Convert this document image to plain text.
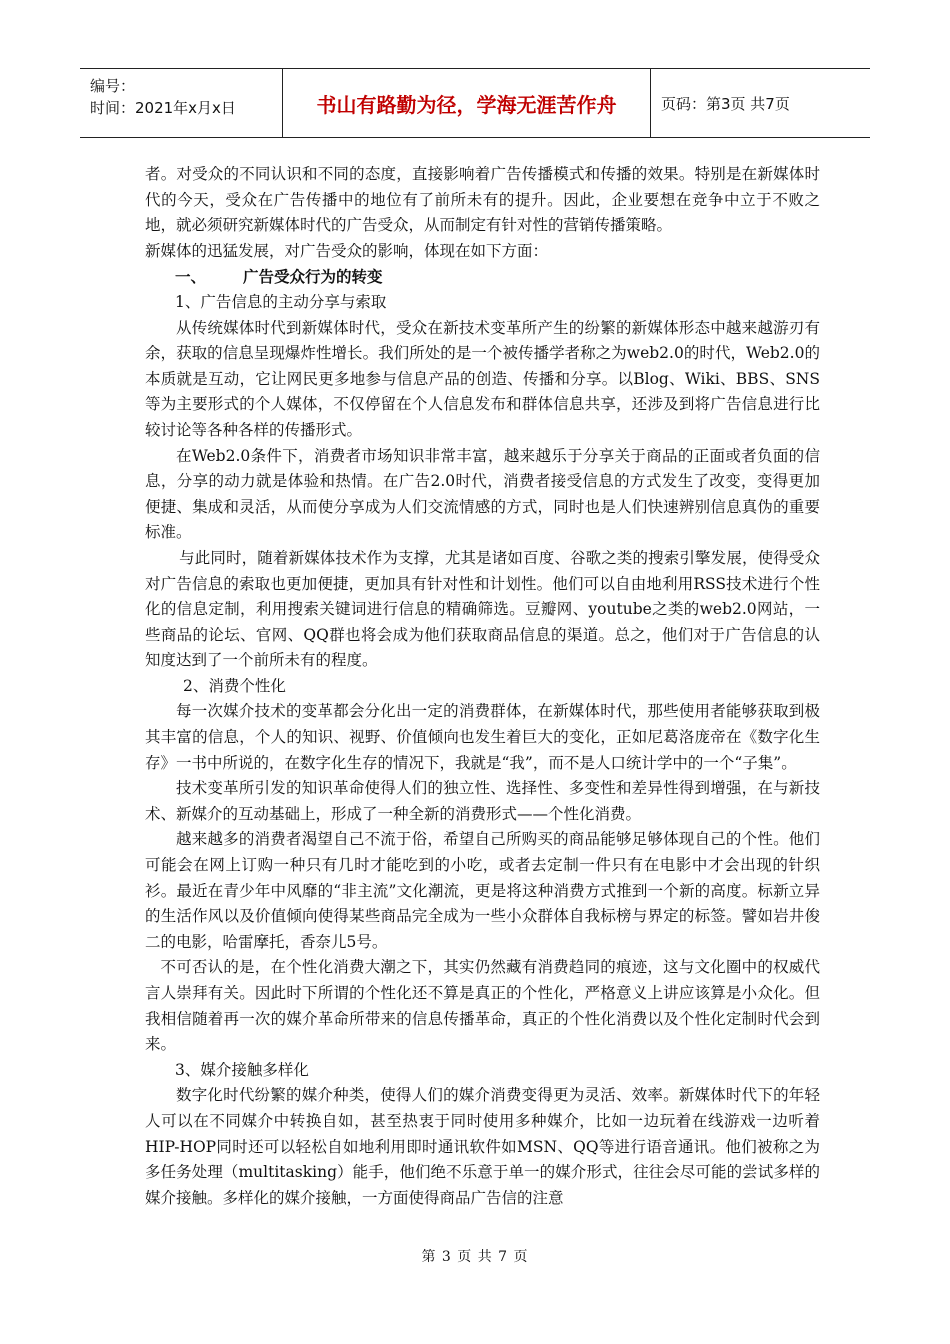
编号：
时间：2021年x月x日	书山有路勤为径，学海无涯苦作舟	页码：第3页 共7页

者。对受众的不同认识和不同的态度，直接影响着广告传播模式和传播的效果。特别是在新媒体时代的今天，受众在广告传播中的地位有了前所未有的提升。因此，企业要想在竞争中立于不败之地，就必须研究新媒体时代的广告受众，从而制定有针对性的营销传播策略。

新媒体的迅猛发展，对广告受众的影响，体现在如下方面：

一、 广告受众行为的转变

1、广告信息的主动分享与索取

从传统媒体时代到新媒体时代，受众在新技术变革所产生的纷繁的新媒体形态中越来越游刃有余，获取的信息呈现爆炸性增长。我们所处的是一个被传播学者称之为web2.0的时代，Web2.0的本质就是互动，它让网民更多地参与信息产品的创造、传播和分享。以Blog、Wiki、BBS、SNS等为主要形式的个人媒体，不仅停留在个人信息发布和群体信息共享，还涉及到将广告信息进行比较讨论等各种各样的传播形式。

在Web2.0条件下，消费者市场知识非常丰富，越来越乐于分享关于商品的正面或者负面的信息，分享的动力就是体验和热情。在广告2.0时代，消费者接受信息的方式发生了改变，变得更加便捷、集成和灵活，从而使分享成为人们交流情感的方式，同时也是人们快速辨别信息真伪的重要标准。

与此同时，随着新媒体技术作为支撑，尤其是诸如百度、谷歌之类的搜索引擎发展，使得受众对广告信息的索取也更加便捷，更加具有针对性和计划性。他们可以自由地利用RSS技术进行个性化的信息定制，利用搜索关键词进行信息的精确筛选。豆瓣网、youtube之类的web2.0网站，一些商品的论坛、官网、QQ群也将会成为他们获取商品信息的渠道。总之，他们对于广告信息的认知度达到了一个前所未有的程度。

2、消费个性化

每一次媒介技术的变革都会分化出一定的消费群体，在新媒体时代，那些使用者能够获取到极其丰富的信息，个人的知识、视野、价值倾向也发生着巨大的变化，正如尼葛洛庞帝在《数字化生存》一书中所说的，在数字化生存的情况下，我就是“我”，而不是人口统计学中的一个“子集”。

技术变革所引发的知识革命使得人们的独立性、选择性、多变性和差异性得到增强，在与新技术、新媒介的互动基础上，形成了一种全新的消费形式——个性化消费。

越来越多的消费者渴望自己不流于俗，希望自己所购买的商品能够足够体现自己的个性。他们可能会在网上订购一种只有几时才能吃到的小吃，或者去定制一件只有在电影中才会出现的针织衫。最近在青少年中风靡的“非主流”文化潮流，更是将这种消费方式推到一个新的高度。标新立异的生活作风以及价值倾向使得某些商品完全成为一些小众群体自我标榜与界定的标签。譬如岩井俊二的电影，哈雷摩托，香奈儿5号。

不可否认的是，在个性化消费大潮之下，其实仍然藏有消费趋同的痕迹，这与文化圈中的权威代言人崇拜有关。因此时下所谓的个性化还不算是真正的个性化，严格意义上讲应该算是小众化。但我相信随着再一次的媒介革命所带来的信息传播革命，真正的个性化消费以及个性化定制时代会到来。

3、媒介接触多样化

数字化时代纷繁的媒介种类，使得人们的媒介消费变得更为灵活、效率。新媒体时代下的年轻人可以在不同媒介中转换自如，甚至热衷于同时使用多种媒介，比如一边玩着在线游戏一边听着HIP-HOP同时还可以轻松自如地利用即时通讯软件如MSN、QQ等进行语音通讯。他们被称之为多任务处理（multitasking）能手，他们绝不乐意于单一的媒介形式，往往会尽可能的尝试多样的媒介接触。多样化的媒介接触，一方面使得商品广告信的注意

第 3 页 共 7 页
